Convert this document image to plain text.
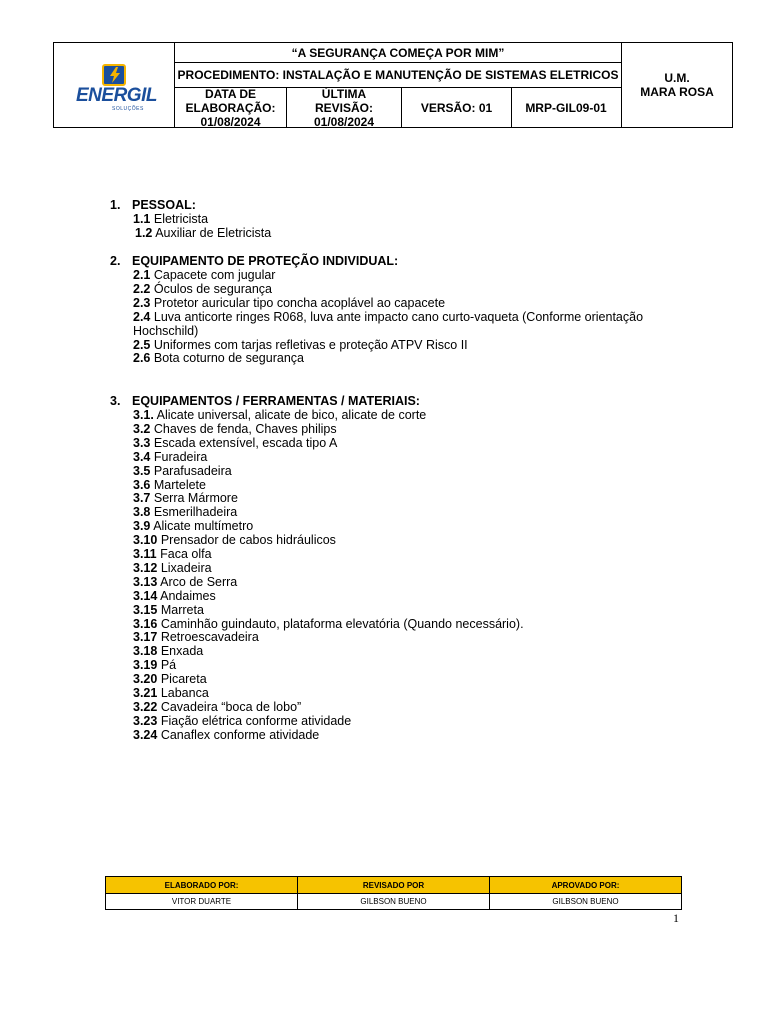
ENERGIL
SOLUÇÕES
“A SEGURANÇA COMEÇA POR MIM”
PROCEDIMENTO: INSTALAÇÃO E MANUTENÇÃO DE SISTEMAS ELETRICOS
DATA DE
ELABORAÇÃO:
01/08/2024
ÚLTIMA
REVISÃO:
01/08/2024
VERSÃO: 01	MRP-GIL09-01
U.M.
MARA ROSA
1. PESSOAL:
1.1 Eletricista
1.2 Auxiliar de Eletricista
2. EQUIPAMENTO DE PROTEÇÃO INDIVIDUAL:
2.1 Capacete com jugular
2.2 Óculos de segurança
2.3 Protetor auricular tipo concha acoplável ao capacete
2.4 Luva anticorte ringes R068, luva ante impacto cano curto-vaqueta (Conforme orientação Hochschild)
2.5 Uniformes com tarjas refletivas e proteção ATPV Risco II
2.6 Bota coturno de segurança
3. EQUIPAMENTOS / FERRAMENTAS / MATERIAIS:
3.1. Alicate universal, alicate de bico, alicate de corte
3.2 Chaves de fenda, Chaves philips
3.3 Escada extensível, escada tipo A
3.4 Furadeira
3.5 Parafusadeira
3.6 Martelete
3.7 Serra Mármore
3.8 Esmerilhadeira
3.9 Alicate multímetro
3.10 Prensador de cabos hidráulicos
3.11 Faca olfa
3.12 Lixadeira
3.13 Arco de Serra
3.14 Andaimes
3.15 Marreta
3.16 Caminhão guindauto, plataforma elevatória (Quando necessário).
3.17 Retroescavadeira
3.18 Enxada
3.19 Pá
3.20 Picareta
3.21 Labanca
3.22 Cavadeira “boca de lobo”
3.23 Fiação elétrica conforme atividade
3.24 Canaflex conforme atividade
ELABORADO POR:	REVISADO POR	APROVADO POR:
VITOR DUARTE	GILBSON BUENO	GILBSON BUENO
1
